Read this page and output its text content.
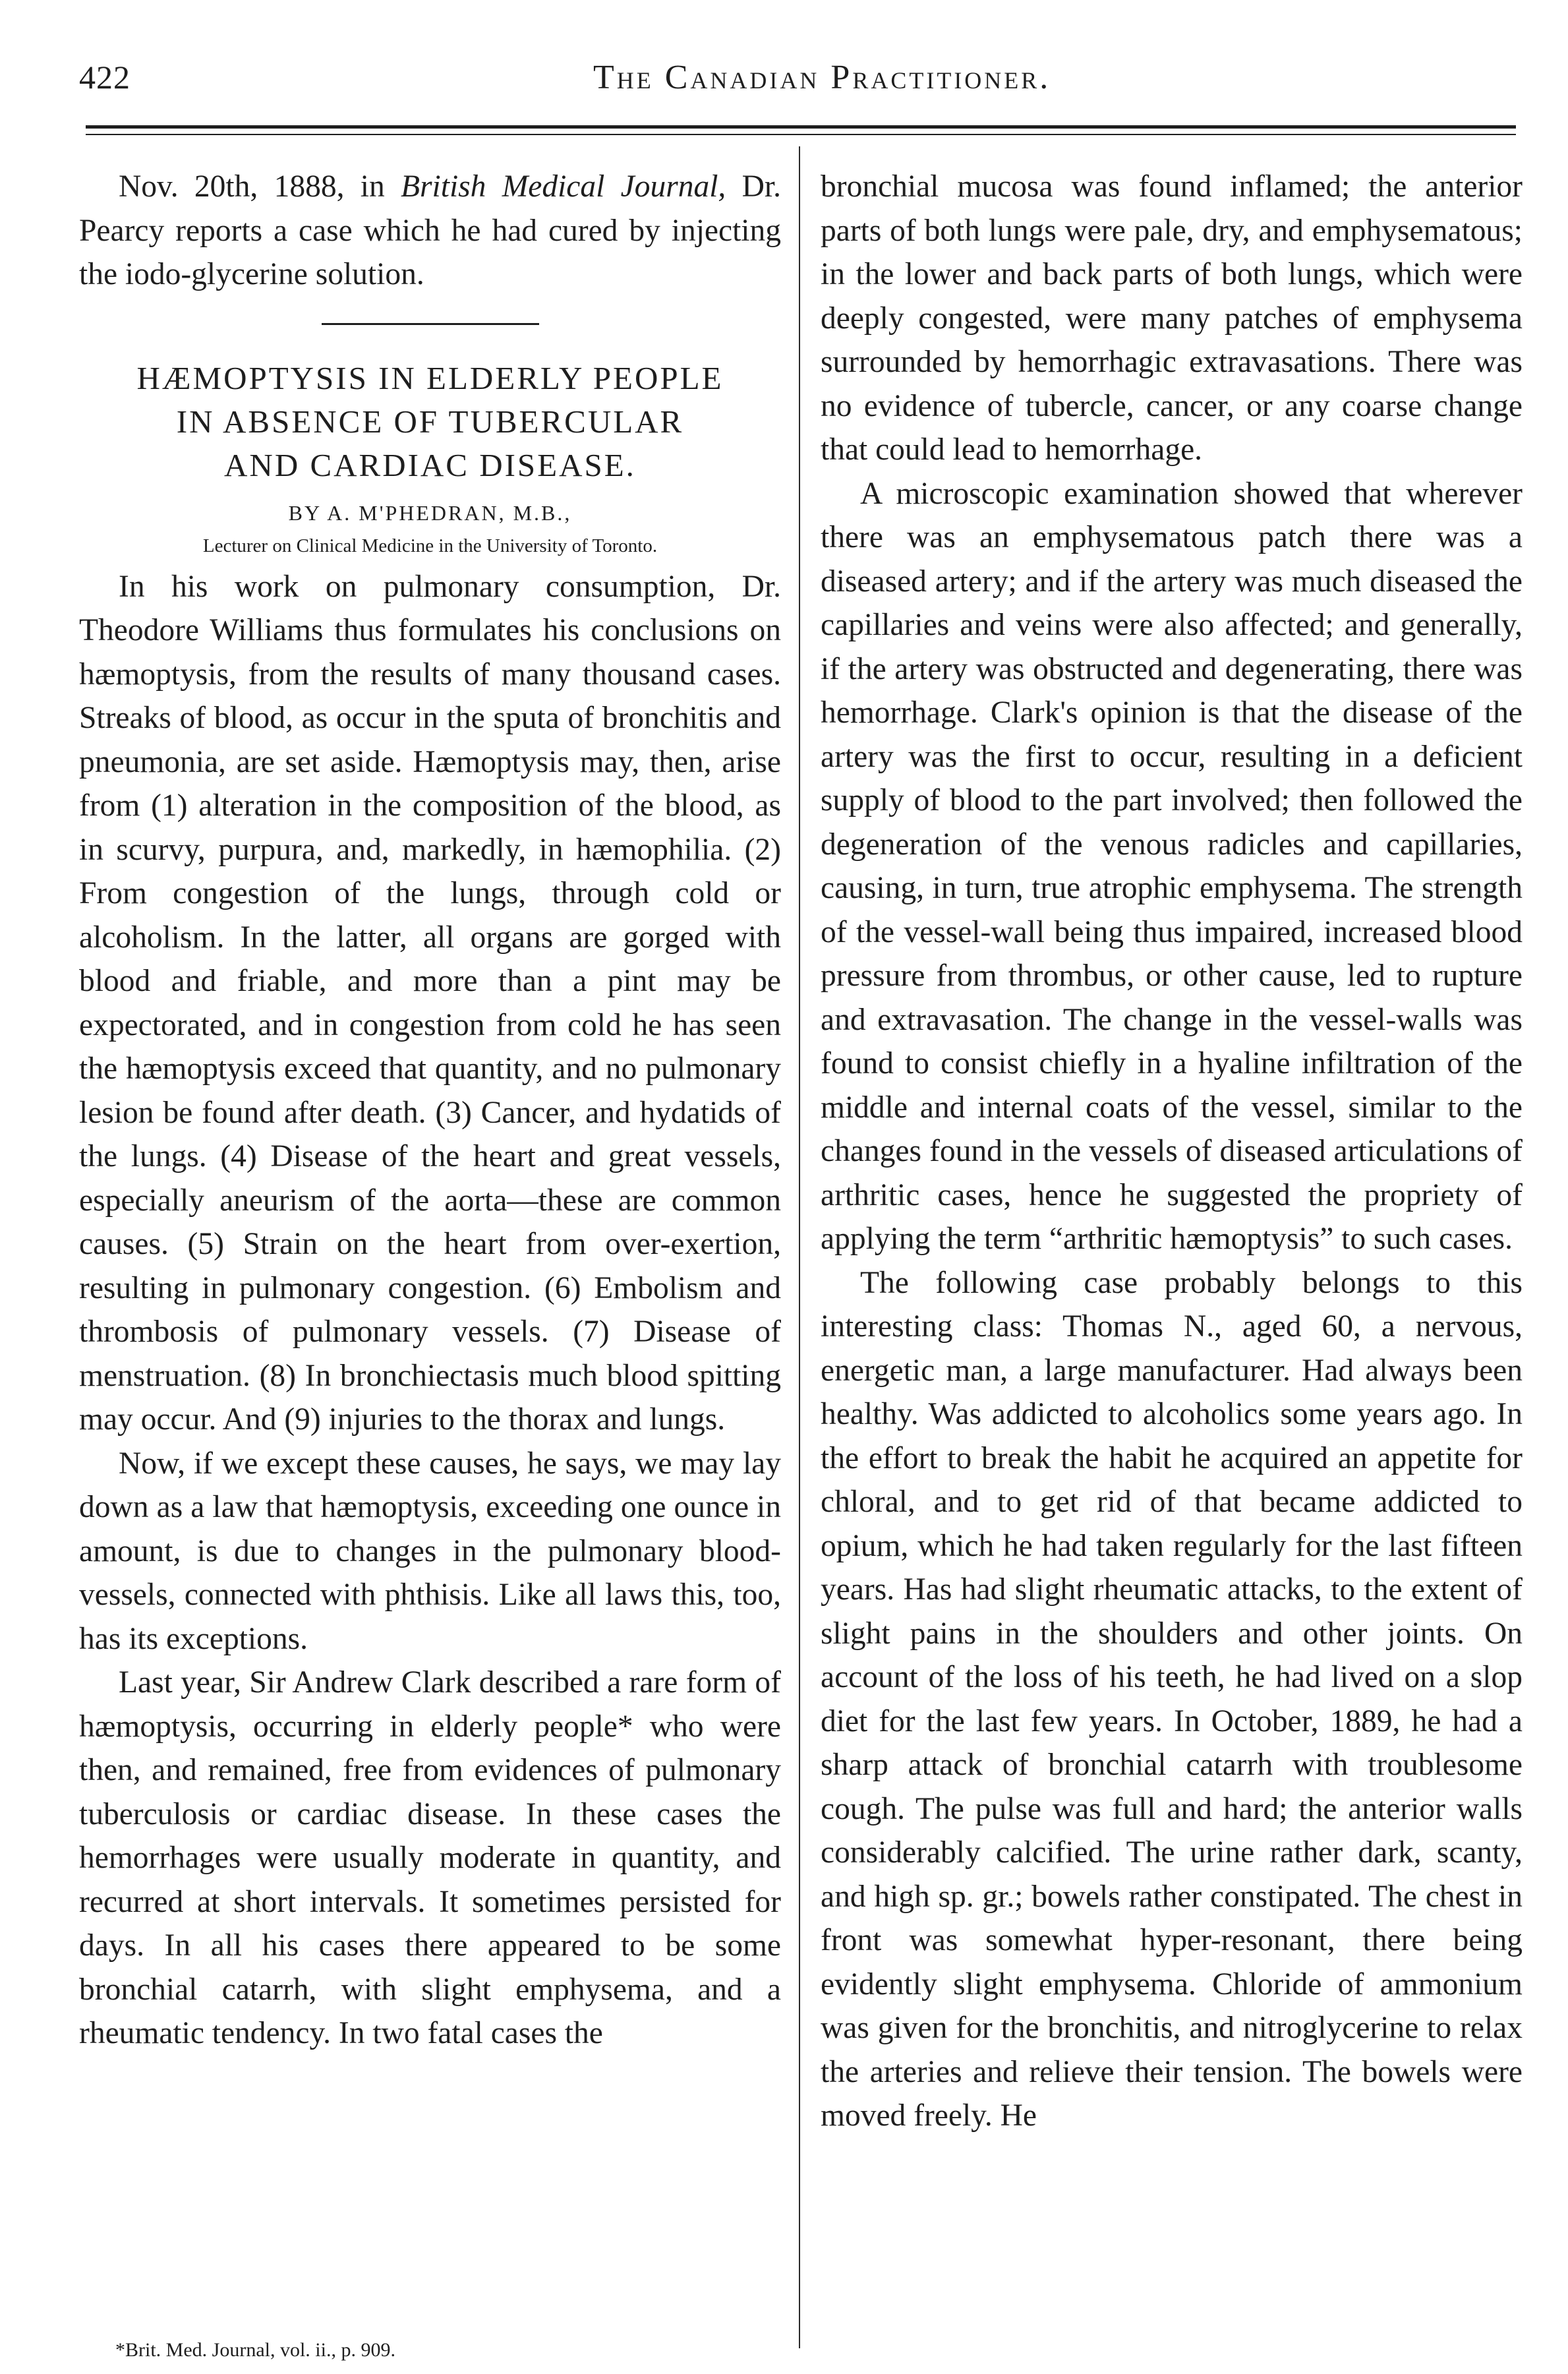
422	The Canadian Practitioner.

Nov. 20th, 1888, in British Medical Journal, Dr. Pearcy reports a case which he had cured by injecting the iodo-glycerine solution.

HÆMOPTYSIS IN ELDERLY PEOPLE
IN ABSENCE OF TUBERCULAR
AND CARDIAC DISEASE.
BY A. M'PHEDRAN, M.B.,
Lecturer on Clinical Medicine in the University of Toronto.

In his work on pulmonary consumption, Dr. Theodore Williams thus formulates his conclusions on hæmoptysis, from the results of many thousand cases. Streaks of blood, as occur in the sputa of bronchitis and pneumonia, are set aside. Hæmoptysis may, then, arise from (1) alteration in the composition of the blood, as in scurvy, purpura, and, markedly, in hæmophilia. (2) From congestion of the lungs, through cold or alcoholism. In the latter, all organs are gorged with blood and friable, and more than a pint may be expectorated, and in congestion from cold he has seen the hæmoptysis exceed that quantity, and no pulmonary lesion be found after death. (3) Cancer, and hydatids of the lungs. (4) Disease of the heart and great vessels, especially aneurism of the aorta—these are common causes. (5) Strain on the heart from over-exertion, resulting in pulmonary congestion. (6) Embolism and thrombosis of pulmonary vessels. (7) Disease of menstruation. (8) In bronchiectasis much blood spitting may occur. And (9) injuries to the thorax and lungs.

Now, if we except these causes, he says, we may lay down as a law that hæmoptysis, exceeding one ounce in amount, is due to changes in the pulmonary blood-vessels, connected with phthisis. Like all laws this, too, has its exceptions.

Last year, Sir Andrew Clark described a rare form of hæmoptysis, occurring in elderly people* who were then, and remained, free from evidences of pulmonary tuberculosis or cardiac disease. In these cases the hemorrhages were usually moderate in quantity, and recurred at short intervals. It sometimes persisted for days. In all his cases there appeared to be some bronchial catarrh, with slight emphysema, and a rheumatic tendency. In two fatal cases the

*Brit. Med. Journal, vol. ii., p. 909.

bronchial mucosa was found inflamed; the anterior parts of both lungs were pale, dry, and emphysematous; in the lower and back parts of both lungs, which were deeply congested, were many patches of emphysema surrounded by hemorrhagic extravasations. There was no evidence of tubercle, cancer, or any coarse change that could lead to hemorrhage.

A microscopic examination showed that wherever there was an emphysematous patch there was a diseased artery; and if the artery was much diseased the capillaries and veins were also affected; and generally, if the artery was obstructed and degenerating, there was hemorrhage. Clark's opinion is that the disease of the artery was the first to occur, resulting in a deficient supply of blood to the part involved; then followed the degeneration of the venous radicles and capillaries, causing, in turn, true atrophic emphysema. The strength of the vessel-wall being thus impaired, increased blood pressure from thrombus, or other cause, led to rupture and extravasation. The change in the vessel-walls was found to consist chiefly in a hyaline infiltration of the middle and internal coats of the vessel, similar to the changes found in the vessels of diseased articulations of arthritic cases, hence he suggested the propriety of applying the term “arthritic hæmoptysis” to such cases.

The following case probably belongs to this interesting class: Thomas N., aged 60, a nervous, energetic man, a large manufacturer. Had always been healthy. Was addicted to alcoholics some years ago. In the effort to break the habit he acquired an appetite for chloral, and to get rid of that became addicted to opium, which he had taken regularly for the last fifteen years. Has had slight rheumatic attacks, to the extent of slight pains in the shoulders and other joints. On account of the loss of his teeth, he had lived on a slop diet for the last few years. In October, 1889, he had a sharp attack of bronchial catarrh with troublesome cough. The pulse was full and hard; the anterior walls considerably calcified. The urine rather dark, scanty, and high sp. gr.; bowels rather constipated. The chest in front was somewhat hyper-resonant, there being evidently slight emphysema. Chloride of ammonium was given for the bronchitis, and nitroglycerine to relax the arteries and relieve their tension. The bowels were moved freely. He
